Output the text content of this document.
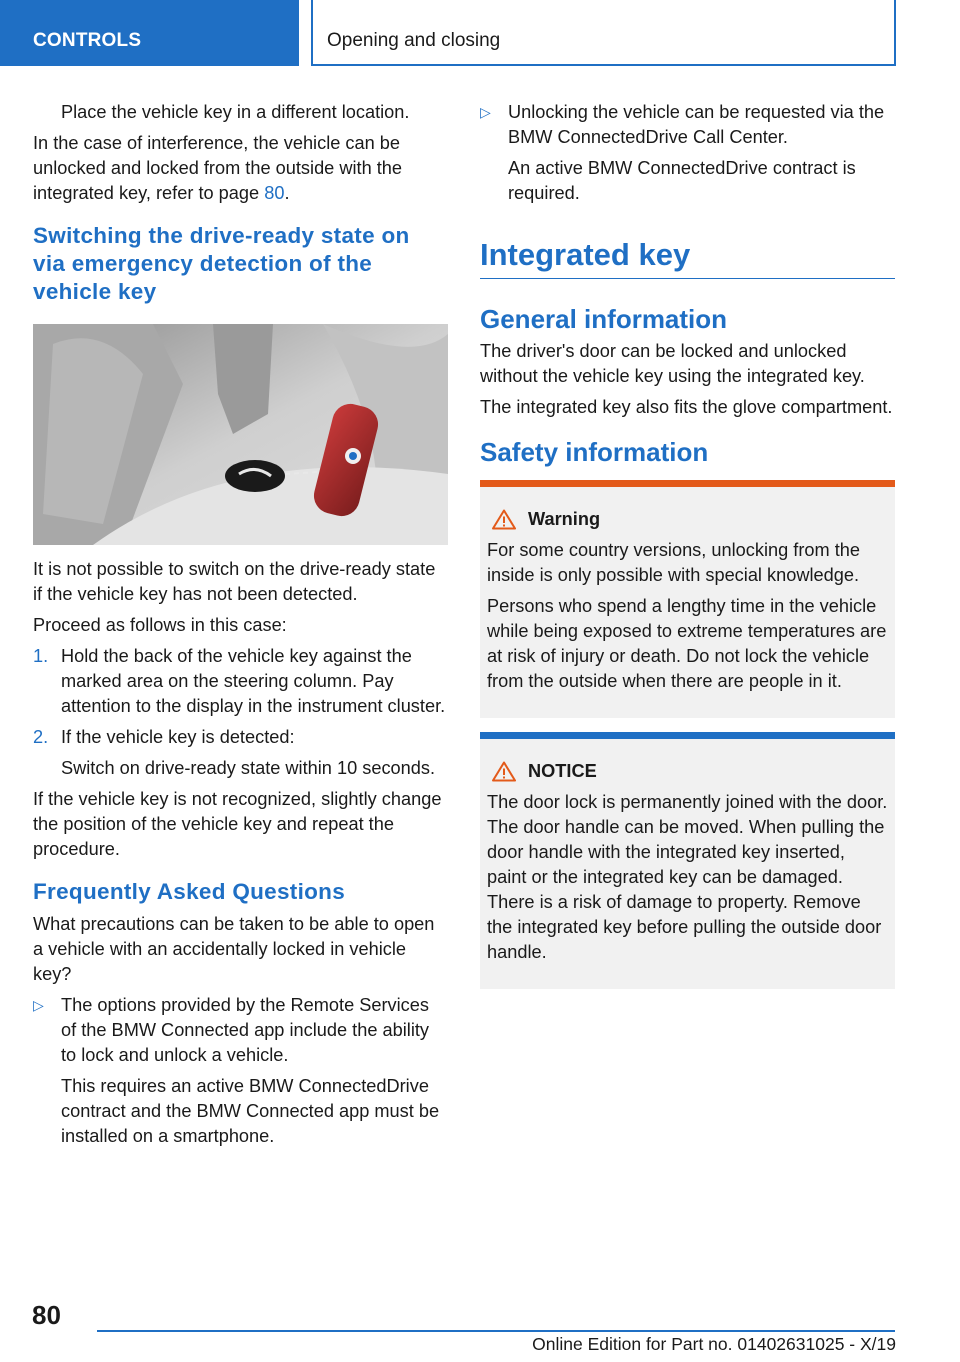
CONTROLS	Opening and closing

Place the vehicle key in a different location.

In the case of interference, the vehicle can be unlocked and locked from the outside with the integrated key, refer to page 80.

Switching the drive-ready state on via emergency detection of the vehicle key

It is not possible to switch on the drive-ready state if the vehicle key has not been detected.

Proceed as follows in this case:

1. Hold the back of the vehicle key against the marked area on the steering column. Pay attention to the display in the instrument cluster.

2. If the vehicle key is detected:

Switch on drive-ready state within 10 seconds.

If the vehicle key is not recognized, slightly change the position of the vehicle key and repeat the procedure.

Frequently Asked Questions

What precautions can be taken to be able to open a vehicle with an accidentally locked in vehicle key?

▷ The options provided by the Remote Services of the BMW Connected app include the ability to lock and unlock a vehicle.

This requires an active BMW ConnectedDrive contract and the BMW Connected app must be installed on a smartphone.

▷ Unlocking the vehicle can be requested via the BMW ConnectedDrive Call Center.

An active BMW ConnectedDrive contract is required.

Integrated key
General information

The driver's door can be locked and unlocked without the vehicle key using the integrated key.

The integrated key also fits the glove compartment.

Safety information
Warning

For some country versions, unlocking from the inside is only possible with special knowledge.

Persons who spend a lengthy time in the vehicle while being exposed to extreme temperatures are at risk of injury or death. Do not lock the vehicle from the outside when there are people in it.

NOTICE

The door lock is permanently joined with the door. The door handle can be moved. When pulling the door handle with the integrated key inserted, paint or the integrated key can be damaged. There is a risk of damage to property. Remove the integrated key before pulling the outside door handle.

80
Online Edition for Part no. 01402631025 - X/19
